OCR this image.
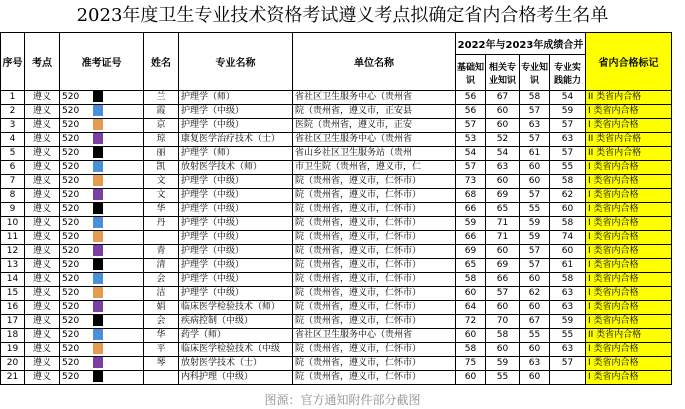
2023年度卫生专业技术资格考试遵义考点拟确定省内合格考生名单
序号	考点	准考证号	姓名	专业名称	单位名称	2022年与2023年成绩合并				省内合格标记
						基础知识	相关专业知识	专业知识	专业实践能力	
1	遵义	520	兰	护理学（师）	省社区卫生服务中心（贵州省	56	67	58	54	II 类省内合格
2	遵义	520	霞	护理学（中级）	院（贵州省，遵义市，正安县	56	60	57	59	I 类省内合格
3	遵义	520	京	护理学（中级）	医院（贵州省，遵义市，正安	57	60	63	57	I 类省内合格
4	遵义	520	琼	康复医学治疗技术（士）	省社区卫生服务中心（贵州省	53	52	57	63	II 类省内合格
5	遵义	520	丽	护理学（师）	省山乡社区卫生服务站（贵州	54	54	61	57	II 类省内合格
6	遵义	520	凯	放射医学技术（师）	市卫生院（贵州省，遵义市，仁	57	63	60	55	I 类省内合格
7	遵义	520	文	护理学（中级）	院（贵州省，遵义市，仁怀市）	73	60	60	58	I 类省内合格
8	遵义	520	文	护理学（中级）	院（贵州省，遵义市，仁怀市）	68	69	57	62	I 类省内合格
9	遵义	520	华	护理学（中级）	院（贵州省，遵义市，仁怀市）	66	65	55	60	I 类省内合格
10	遵义	520	丹	护理学（中级）	院（贵州省，遵义市，仁怀市）	59	71	59	58	I 类省内合格
11	遵义	520		护理学（中级）	院（贵州省，遵义市，仁怀市）	66	71	59	74	I 类省内合格
12	遵义	520	青	护理学（中级）	院（贵州省，遵义市，仁怀市）	69	60	57	60	I 类省内合格
13	遵义	520	清	护理学（中级）	院（贵州省，遵义市，仁怀市）	65	69	57	61	I 类省内合格
14	遵义	520	会	护理学（中级）	院（贵州省，遵义市，仁怀市）	58	66	60	58	I 类省内合格
15	遵义	520	洁	护理学（中级）	院（贵州省，遵义市，仁怀市）	60	57	62	63	I 类省内合格
16	遵义	520	娟	临床医学检验技术（师）	院（贵州省，遵义市，仁怀市）	64	60	60	63	I 类省内合格
17	遵义	520	会	疾病控制（中级）	院（贵州省，遵义市，仁怀市）	72	70	67	59	I 类省内合格
18	遵义	520	华	药学（师）	省社区卫生服务中心（贵州省	60	58	55	55	II 类省内合格
19	遵义	520	平	临床医学检验技术（中级	院（贵州省，遵义市，仁怀市）	58	60	60	63	I 类省内合格
20	遵义	520	琴	放射医学技术（士）	院（贵州省，遵义市，仁怀市）	75	59	63	57	I 类省内合格
21	遵义	520		内科护理（中级）	院（贵州省，遵义市，仁怀市）	60	55	60		I 类省内合格
图源：官方通知附件部分截图
